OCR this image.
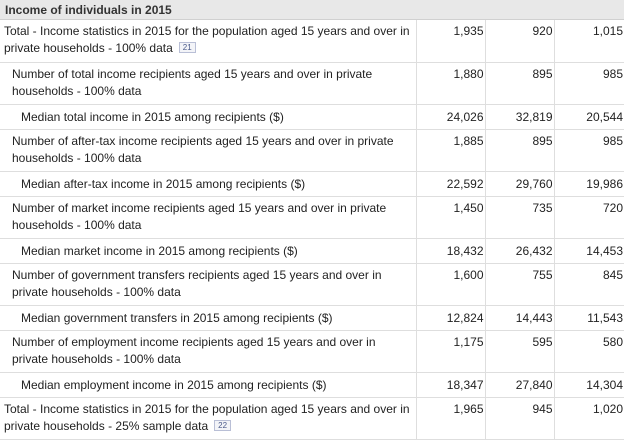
Income of individuals in 2015
Total - Income statistics in 2015 for the population aged 15 years and over in private households - 100% data 21	1,935	920	1,015
Number of total income recipients aged 15 years and over in private households - 100% data	1,880	895	985
Median total income in 2015 among recipients ($)	24,026	32,819	20,544
Number of after-tax income recipients aged 15 years and over in private households - 100% data	1,885	895	985
Median after-tax income in 2015 among recipients ($)	22,592	29,760	19,986
Number of market income recipients aged 15 years and over in private households - 100% data	1,450	735	720
Median market income in 2015 among recipients ($)	18,432	26,432	14,453
Number of government transfers recipients aged 15 years and over in private households - 100% data	1,600	755	845
Median government transfers in 2015 among recipients ($)	12,824	14,443	11,543
Number of employment income recipients aged 15 years and over in private households - 100% data	1,175	595	580
Median employment income in 2015 among recipients ($)	18,347	27,840	14,304
Total - Income statistics in 2015 for the population aged 15 years and over in private households - 25% sample data 22	1,965	945	1,020
